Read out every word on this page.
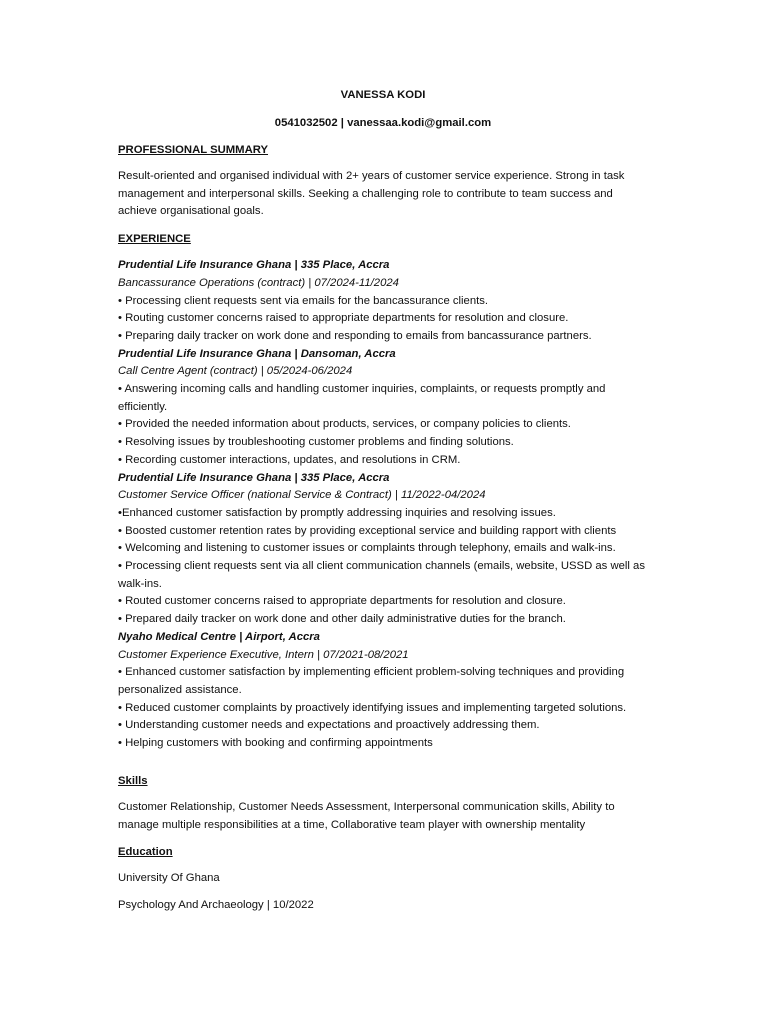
VANESSA KODI
0541032502 | vanessaa.kodi@gmail.com
PROFESSIONAL SUMMARY
Result-oriented and organised individual with 2+ years of customer service experience. Strong in task management and interpersonal skills. Seeking a challenging role to contribute to team success and achieve organisational goals.
EXPERIENCE
Prudential Life Insurance Ghana | 335 Place, Accra
Bancassurance Operations (contract) | 07/2024-11/2024
• Processing client requests sent via emails for the bancassurance clients.
• Routing customer concerns raised to appropriate departments for resolution and closure.
• Preparing daily tracker on work done and responding to emails from bancassurance partners.
Prudential Life Insurance Ghana | Dansoman, Accra
Call Centre Agent (contract) | 05/2024-06/2024
• Answering incoming calls and handling customer inquiries, complaints, or requests promptly and efficiently.
• Provided the needed information about products, services, or company policies to clients.
• Resolving issues by troubleshooting customer problems and finding solutions.
• Recording customer interactions, updates, and resolutions in CRM.
Prudential Life Insurance Ghana | 335 Place, Accra
Customer Service Officer (national Service & Contract) | 11/2022-04/2024
•Enhanced customer satisfaction by promptly addressing inquiries and resolving issues.
• Boosted customer retention rates by providing exceptional service and building rapport with clients
• Welcoming and listening to customer issues or complaints through telephony, emails and walk-ins.
• Processing client requests sent via all client communication channels (emails, website, USSD as well as walk-ins.
• Routed customer concerns raised to appropriate departments for resolution and closure.
• Prepared daily tracker on work done and other daily administrative duties for the branch.
Nyaho Medical Centre | Airport, Accra
Customer Experience Executive, Intern | 07/2021-08/2021
• Enhanced customer satisfaction by implementing efficient problem-solving techniques and providing personalized assistance.
• Reduced customer complaints by proactively identifying issues and implementing targeted solutions.
• Understanding customer needs and expectations and proactively addressing them.
• Helping customers with booking and confirming appointments
Skills
Customer Relationship, Customer Needs Assessment, Interpersonal communication skills, Ability to manage multiple responsibilities at a time, Collaborative team player with ownership mentality
Education
University Of Ghana
Psychology And Archaeology | 10/2022
